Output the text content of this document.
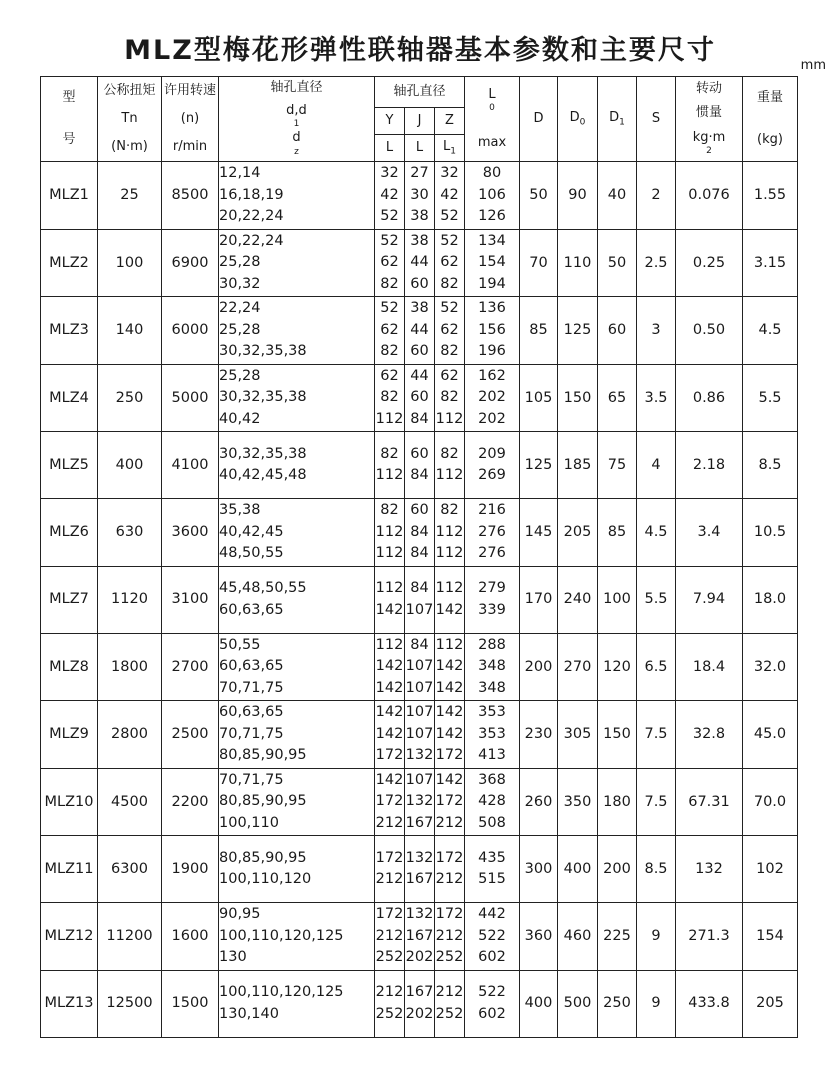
MLZ型梅花形弹性联轴器基本参数和主要尺寸	mm
型
号	公称扭矩
Tn
(N·m)	许用转速
(n)
r/min	轴孔直径
d,d
1
d
z	轴孔直径			L
0
max	D	$D_0$	$D_1$	S	转动
惯量
kg·m
2	重量
(kg)

				Y	J	Z							
				L	L	$L_1$
MLZ1	25	8500	12,14
16,18,19
20,22,24	32
42
52	27
30
38	32
42
52	80
106
126	50	90	40	2	0.076	1.55
MLZ2	100	6900	20,22,24
25,28
30,32	52
62
82	38
44
60	52
62
82	134
154
194	70	110	50	2.5	0.25	3.15
MLZ3	140	6000	22,24
25,28
30,32,35,38	52
62
82	38
44
60	52
62
82	136
156
196	85	125	60	3	0.50	4.5
MLZ4	250	5000	25,28
30,32,35,38
40,42	62
82
112	44
60
84	62
82
112	162
202
202	105	150	65	3.5	0.86	5.5
MLZ5	400	4100	30,32,35,38
40,42,45,48	82
112	60
84	82
112	209
269	125	185	75	4	2.18	8.5
MLZ6	630	3600	35,38
40,42,45
48,50,55	82
112
112	60
84
84	82
112
112	216
276
276	145	205	85	4.5	3.4	10.5
MLZ7	1120	3100	45,48,50,55
60,63,65	112
142	84
107	112
142	279
339	170	240	100	5.5	7.94	18.0
MLZ8	1800	2700	50,55
60,63,65
70,71,75	112
142
142	84
107
107	112
142
142	288
348
348	200	270	120	6.5	18.4	32.0
MLZ9	2800	2500	60,63,65
70,71,75
80,85,90,95	142
142
172	107
107
132	142
142
172	353
353
413	230	305	150	7.5	32.8	45.0
MLZ10	4500	2200	70,71,75
80,85,90,95
100,110	142
172
212	107
132
167	142
172
212	368
428
508	260	350	180	7.5	67.31	70.0
MLZ11	6300	1900	80,85,90,95
100,110,120	172
212	132
167	172
212	435
515	300	400	200	8.5	132	102
MLZ12	11200	1600	90,95
100,110,120,125
130	172
212
252	132
167
202	172
212
252	442
522
602	360	460	225	9	271.3	154
MLZ13	12500	1500	100,110,120,125
130,140	212
252	167
202	212
252	522
602	400	500	250	9	433.8	205
